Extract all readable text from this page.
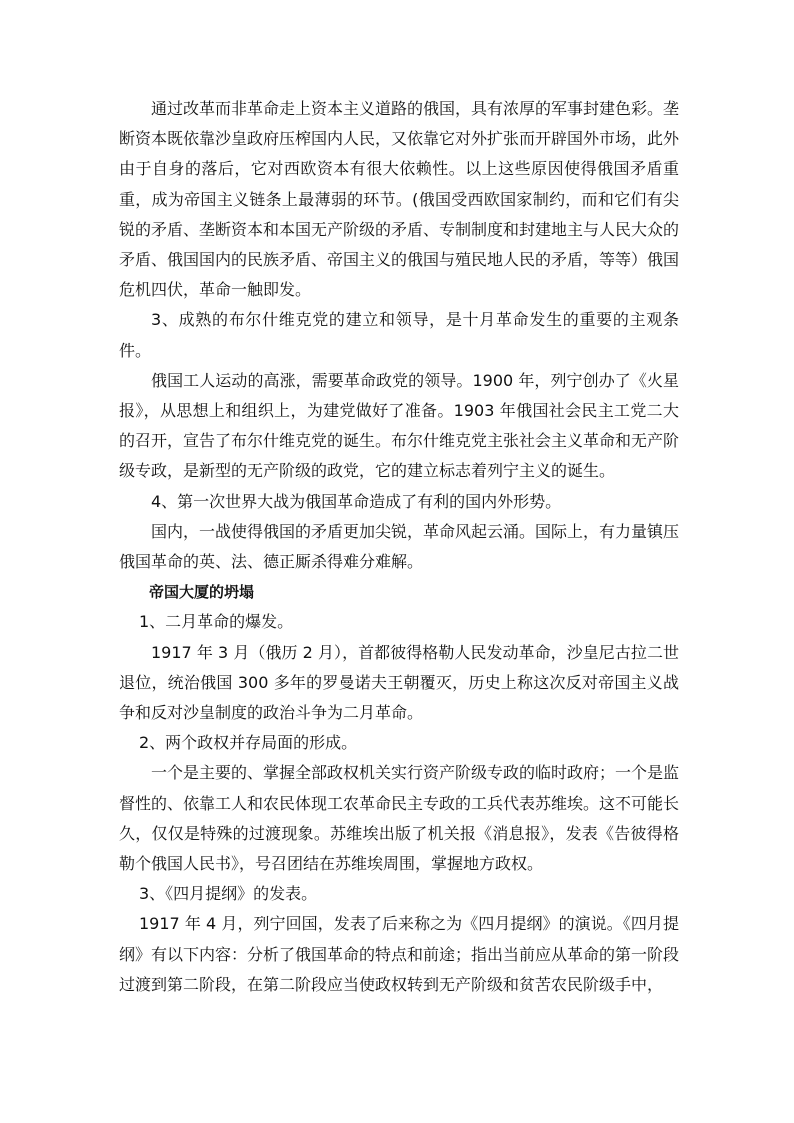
通过改革而非革命走上资本主义道路的俄国，具有浓厚的军事封建色彩。垄断资本既依靠沙皇政府压榨国内人民，又依靠它对外扩张而开辟国外市场，此外由于自身的落后，它对西欧资本有很大依赖性。以上这些原因使得俄国矛盾重重，成为帝国主义链条上最薄弱的环节。(俄国受西欧国家制约，而和它们有尖锐的矛盾、垄断资本和本国无产阶级的矛盾、专制制度和封建地主与人民大众的矛盾、俄国国内的民族矛盾、帝国主义的俄国与殖民地人民的矛盾，等等）俄国危机四伏，革命一触即发。

3、成熟的布尔什维克党的建立和领导，是十月革命发生的重要的主观条件。

俄国工人运动的高涨，需要革命政党的领导。1900 年，列宁创办了《火星报》，从思想上和组织上，为建党做好了准备。1903 年俄国社会民主工党二大的召开，宣告了布尔什维克党的诞生。布尔什维克党主张社会主义革命和无产阶级专政，是新型的无产阶级的政党，它的建立标志着列宁主义的诞生。

4、第一次世界大战为俄国革命造成了有利的国内外形势。

国内，一战使得俄国的矛盾更加尖锐，革命风起云涌。国际上，有力量镇压俄国革命的英、法、德正厮杀得难分难解。

帝国大厦的坍塌

1、二月革命的爆发。

1917 年 3 月（俄历 2 月），首都彼得格勒人民发动革命，沙皇尼古拉二世退位，统治俄国 300 多年的罗曼诺夫王朝覆灭，历史上称这次反对帝国主义战争和反对沙皇制度的政治斗争为二月革命。

2、两个政权并存局面的形成。

一个是主要的、掌握全部政权机关实行资产阶级专政的临时政府；一个是监督性的、依靠工人和农民体现工农革命民主专政的工兵代表苏维埃。这不可能长久，仅仅是特殊的过渡现象。苏维埃出版了机关报《消息报》，发表《告彼得格勒个俄国人民书》，号召团结在苏维埃周围，掌握地方政权。

3、《四月提纲》的发表。

1917 年 4 月，列宁回国，发表了后来称之为《四月提纲》的演说。《四月提纲》有以下内容：分析了俄国革命的特点和前途；指出当前应从革命的第一阶段过渡到第二阶段，在第二阶段应当使政权转到无产阶级和贫苦农民阶级手中，
